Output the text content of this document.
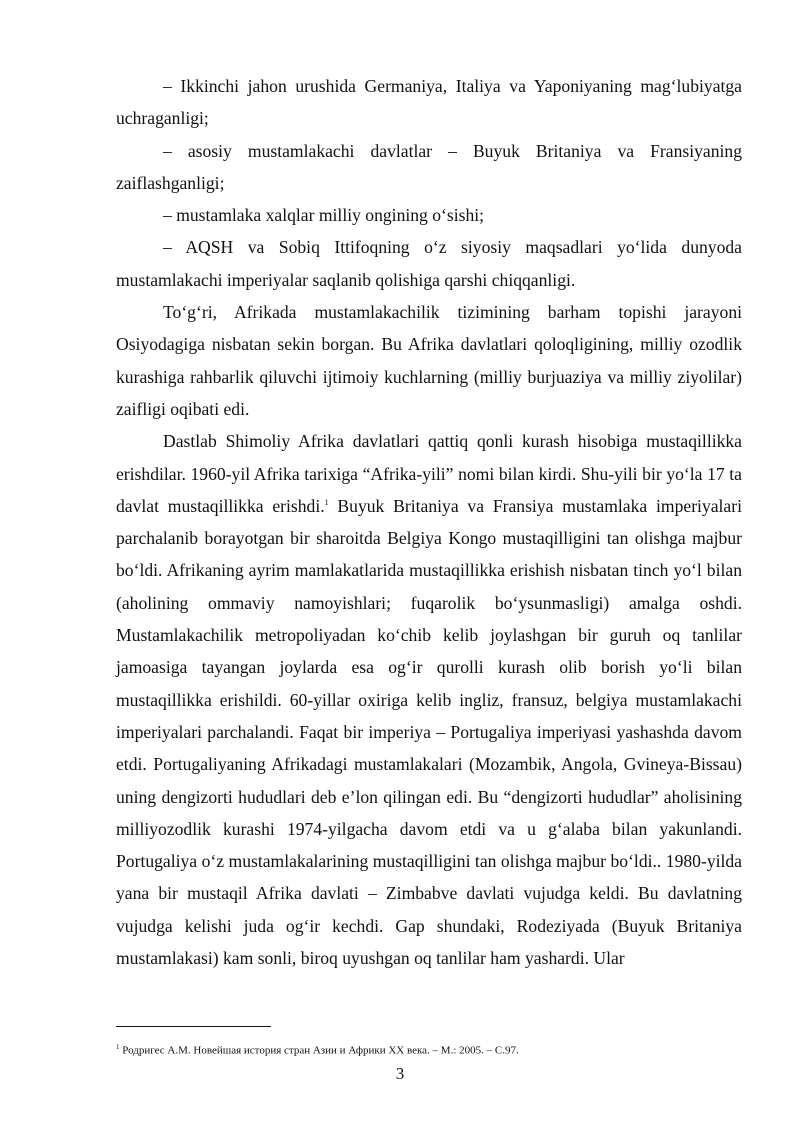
– Ikkinchi jahon urushida Germaniya, Italiya va Yaponiyaning mag‘lubiyatga uchraganligi;

– asosiy mustamlakachi davlatlar – Buyuk Britaniya va Fransiyaning zaiflashganligi;

– mustamlaka xalqlar milliy ongining o‘sishi;

– AQSH va Sobiq Ittifoqning o‘z siyosiy maqsadlari yo‘lida dunyoda mustamlakachi imperiyalar saqlanib qolishiga qarshi chiqqanligi.

To‘g‘ri, Afrikada mustamlakachilik tizimining barham topishi jarayoni Osiyodagiga nisbatan sekin borgan. Bu Afrika davlatlari qoloqligining, milliy ozodlik kurashiga rahbarlik qiluvchi ijtimoiy kuchlarning (milliy burjuaziya va milliy ziyolilar) zaifligi oqibati edi.

Dastlab Shimoliy Afrika davlatlari qattiq qonli kurash hisobiga mustaqillikka erishdilar. 1960-yil Afrika tarixiga “Afrika-yili” nomi bilan kirdi. Shu-yili bir yo‘la 17 ta davlat mustaqillikka erishdi.$^1$ Buyuk Britaniya va Fransiya mustamlaka imperiyalari parchalanib borayotgan bir sharoitda Belgiya Kongo mustaqilligini tan olishga majbur bo‘ldi. Afrikaning ayrim mamlakatlarida mustaqillikka erishish nisbatan tinch yo‘l bilan (aholining ommaviy namoyishlari; fuqarolik bo‘ysunmasligi) amalga oshdi. Mustamlakachilik metropoliyadan ko‘chib kelib joylashgan bir guruh oq tanlilar jamoasiga tayangan joylarda esa og‘ir qurolli kurash olib borish yo‘li bilan mustaqillikka erishildi. 60-yillar oxiriga kelib ingliz, fransuz, belgiya mustamlakachi imperiyalari parchalandi. Faqat bir imperiya – Portugaliya imperiyasi yashashda davom etdi. Portugaliyaning Afrikadagi mustamlakalari (Mozambik, Angola, Gvineya-Bissau) uning dengizorti hududlari deb e’lon qilingan edi. Bu “dengizorti hududlar” aholisining milliyozodlik kurashi 1974-yilgacha davom etdi va u g‘alaba bilan yakunlandi. Portugaliya o‘z mustamlakalarining mustaqilligini tan olishga majbur bo‘ldi.. 1980-yilda yana bir mustaqil Afrika davlati – Zimbabve davlati vujudga keldi. Bu davlatning vujudga kelishi juda og‘ir kechdi. Gap shundaki, Rodeziyada (Buyuk Britaniya mustamlakasi) kam sonli, biroq uyushgan oq tanlilar ham yashardi. Ular

$^1$ Родригес А.М. Новейшая история стран Азии и Африки XX века. – М.: 2005. – С.97.
3
